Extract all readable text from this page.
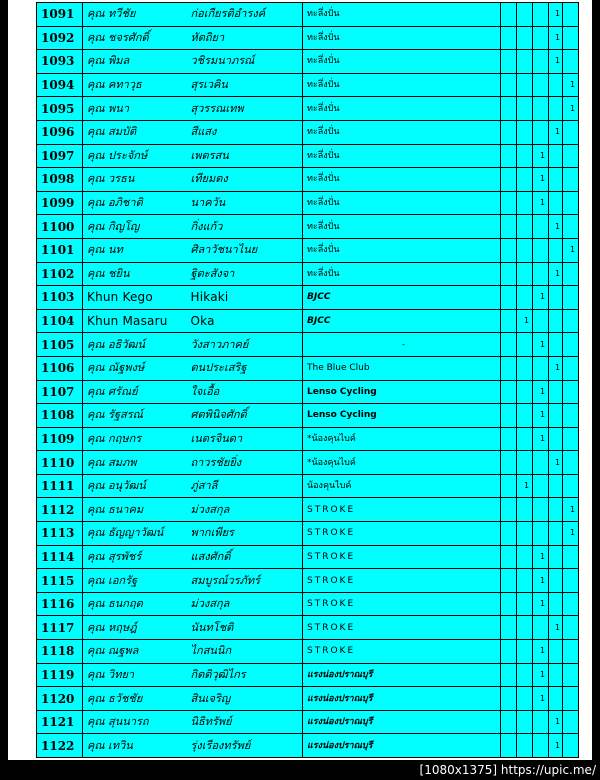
1091	คุณ ทวีชัย	ก่อเกียรติอำรงค์	ทะลึ่งปั่น				1	
1092	คุณ ชจรศักดิ์	หัตถิยา	ทะลึ่งปั่น				1	
1093	คุณ พิมล	วชิรมนาภรณ์	ทะลึ่งปั่น				1	
1094	คุณ คทาวุธ	สุรเวคิน	ทะลึ่งปั่น					1
1095	คุณ พนา	สุวรรณเทพ	ทะลึ่งปั่น					1
1096	คุณ สมบัติ	สีแสง	ทะลึ่งปั่น				1	
1097	คุณ ประจักษ์	เพตรสน	ทะลึ่งปั่น			1		
1098	คุณ วรธน	เทียมตง	ทะลึ่งปั่น			1		
1099	คุณ อภิชาติ	นาควัน	ทะลึ่งปั่น			1		
1100	คุณ กิญโญ	กิ่งแก้ว	ทะลึ่งปั่น				1	
1101	คุณ นท	ศิลาวัชนาไนย	ทะลึ่งปั่น					1
1102	คุณ ชยิน	ฐิตะสังจา	ทะลึ่งปั่น				1	
1103	Khun Kego	Hikaki	BJCC			1		
1104	Khun Masaru	Oka	BJCC		1			
1105	คุณ อธิวัฒน์	วังสาวภาคย์	-			1		
1106	คุณ ณัฐพงษ์	ตนประเสริฐ	The Blue Club				1	
1107	คุณ ศรัณย์	ใจเอื้อ	Lenso Cycling			1		
1108	คุณ รัฐสรณ์	ศตพินิจศักดิ์	Lenso Cycling			1		
1109	คุณ กฤษกร	เนตรจินดา	*น้องคุนไบค์			1		
1110	คุณ สมภพ	ถาวรชัยยิ่ง	*น้องคุนไบค์				1	
1111	คุณ อนุวัฒน์	ภู่สาลี	น้องคุนไบค์		1			
1112	คุณ ธนาคม	ม่วงสกุล	STROKE					1
1113	คุณ ธัญญาวัฒน์	พากเพียร	STROKE					1
1114	คุณ สุรพัชร์	แสงศักดิ์	STROKE			1		
1115	คุณ เอกรัฐ	สมบูรณ์วรภัทร์	STROKE			1		
1116	คุณ ธนกฤต	ม่วงสกุล	STROKE			1		
1117	คุณ หฤษฎ์	นันทโชติ	STROKE				1	
1118	คุณ ณฐพล	ไกสนนิก	STROKE			1		
1119	คุณ วิทยา	กิตติวุฒิไกร	แรงน่องปราณบุรี			1		
1120	คุณ ธวัชชัย	สินเจริญ	แรงน่องปราณบุรี			1		
1121	คุณ สุนนารถ	นิธิทรัพย์	แรงน่องปราณบุรี				1	
1122	คุณ เทวิน	รุ่งเรืองทรัพย์	แรงน่องปราณบุรี				1	
[1080x1375] https://upic.me/
